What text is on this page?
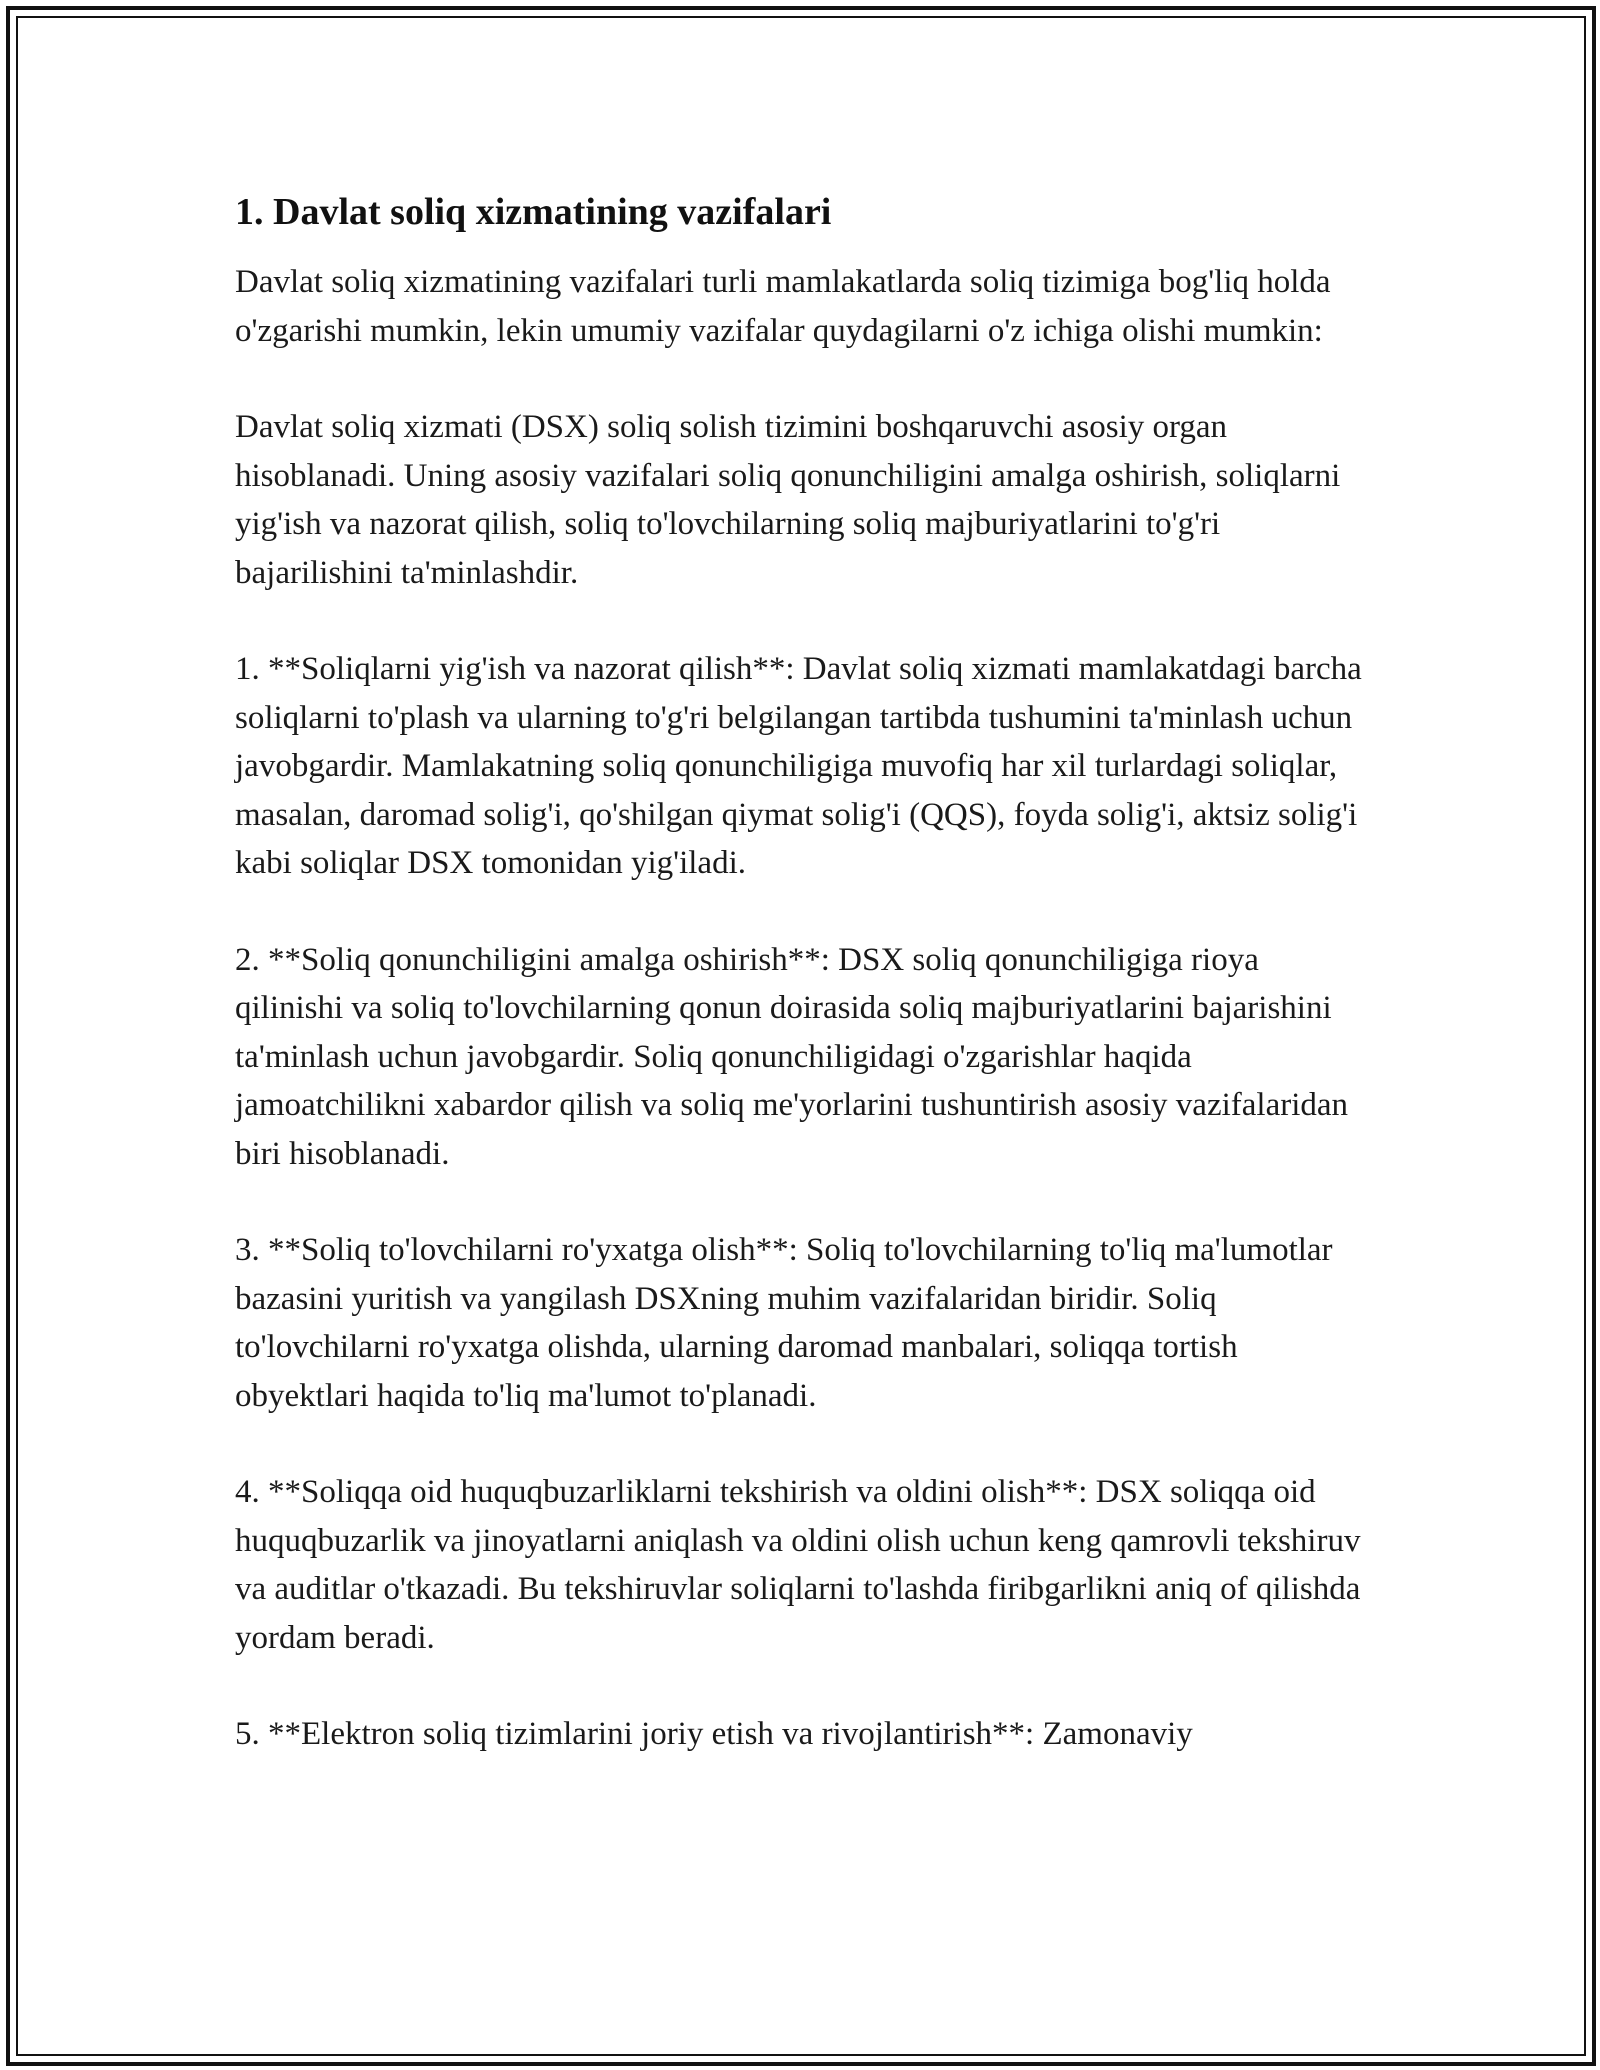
1. Davlat soliq xizmatining vazifalari

Davlat soliq xizmatining vazifalari turli mamlakatlarda soliq tizimiga bog'liq holda o'zgarishi mumkin, lekin umumiy vazifalar quydagilarni o'z ichiga olishi mumkin:

Davlat soliq xizmati (DSX) soliq solish tizimini boshqaruvchi asosiy organ hisoblanadi. Uning asosiy vazifalari soliq qonunchiligini amalga oshirish, soliqlarni yig'ish va nazorat qilish, soliq to'lovchilarning soliq majburiyatlarini to'g'ri bajarilishini ta'minlashdir.

1. **Soliqlarni yig'ish va nazorat qilish**: Davlat soliq xizmati mamlakatdagi barcha soliqlarni to'plash va ularning to'g'ri belgilangan tartibda tushumini ta'minlash uchun javobgardir. Mamlakatning soliq qonunchiligiga muvofiq har xil turlardagi soliqlar, masalan, daromad solig'i, qo'shilgan qiymat solig'i (QQS), foyda solig'i, aktsiz solig'i kabi soliqlar DSX tomonidan yig'iladi.

2. **Soliq qonunchiligini amalga oshirish**: DSX soliq qonunchiligiga rioya qilinishi va soliq to'lovchilarning qonun doirasida soliq majburiyatlarini bajarishini ta'minlash uchun javobgardir. Soliq qonunchiligidagi o'zgarishlar haqida jamoatchilikni xabardor qilish va soliq me'yorlarini tushuntirish asosiy vazifalaridan biri hisoblanadi.

3. **Soliq to'lovchilarni ro'yxatga olish**: Soliq to'lovchilarning to'liq ma'lumotlar bazasini yuritish va yangilash DSXning muhim vazifalaridan biridir. Soliq to'lovchilarni ro'yxatga olishda, ularning daromad manbalari, soliqqa tortish obyektlari haqida to'liq ma'lumot to'planadi.

4. **Soliqqa oid huquqbuzarliklarni tekshirish va oldini olish**: DSX soliqqa oid huquqbuzarlik va jinoyatlarni aniqlash va oldini olish uchun keng qamrovli tekshiruv va auditlar o'tkazadi. Bu tekshiruvlar soliqlarni to'lashda firibgarlikni aniq of qilishda yordam beradi.

5. **Elektron soliq tizimlarini joriy etish va rivojlantirish**: Zamonaviy
